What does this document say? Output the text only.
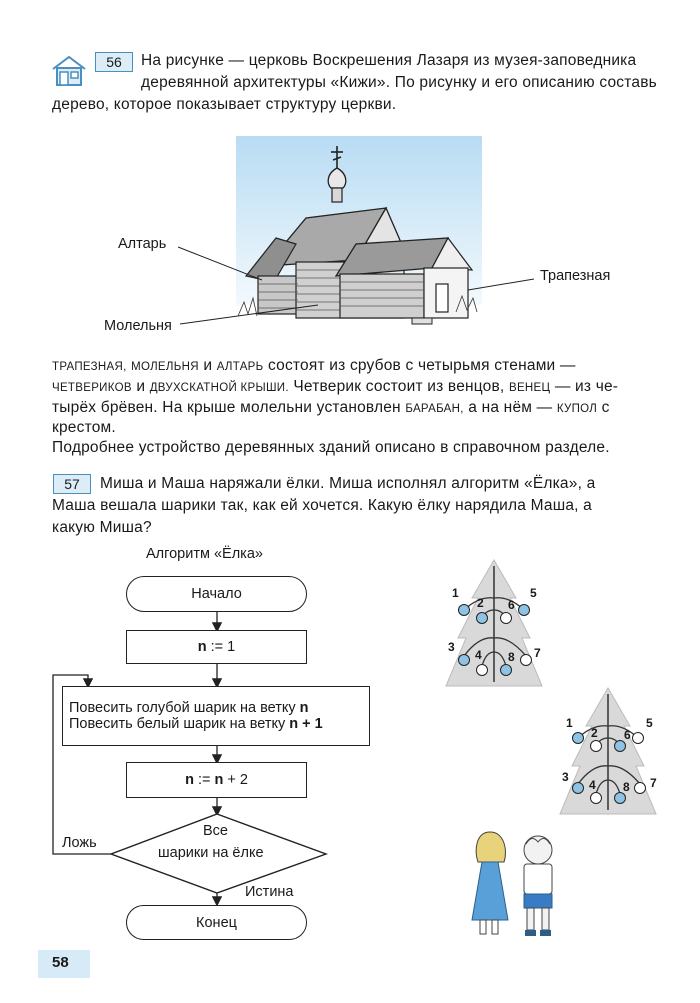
56	На рисунке — церковь Воскрешения Лазаря из музея-заповедника
деревянной архитектуры «Кижи». По рисунку и его описанию составь
дерево, которое показывает структуру церкви.
Алтарь
Молельня
Трапезная
ТРАПЕЗНАЯ, МОЛЕЛЬНЯ и АЛТАРЬ состоят из срубов с четырьмя стенами —
ЧЕТВЕРИКОВ и ДВУХСКАТНОЙ КРЫШИ. Четверик состоит из венцов, ВЕНЕЦ — из че-
тырёх брёвен. На крыше молельни установлен БАРАБАН, а на нём — КУПОЛ с
крестом.
Подробнее устройство деревянных зданий описано в справочном разделе.
57	Миша и Маша наряжали ёлки. Миша исполнял алгоритм «Ёлка», а
Маша вешала шарики так, как ей хочется. Какую ёлку нарядила Маша, а
какую Миша?
Алгоритм «Ёлка»
Начало
n
:= 1
Повесить голубой шарик на ветку n
Повесить белый шарик на ветку n + 1
n
:=
n
+ 2
Все
шарики на ёлке
Ложь
Истина
Конец
1
2 6
5
3
4 8 7
1
2 6
5
3
4 8 7
58
